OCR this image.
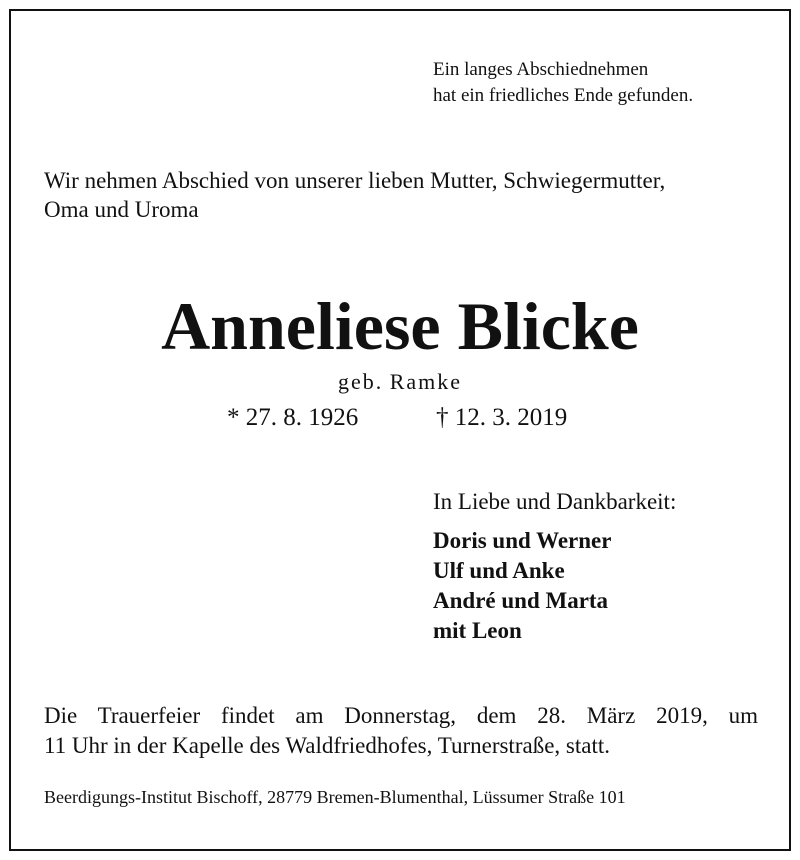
Ein langes Abschiednehmen
hat ein friedliches Ende gefunden.
Wir nehmen Abschied von unserer lieben Mutter, Schwiegermutter,
Oma und Uroma
Anneliese Blicke
geb. Ramke
* 27. 8. 1926	† 12. 3. 2019
In Liebe und Dankbarkeit:
Doris und Werner
Ulf und Anke
André und Marta
mit Leon
Die Trauerfeier findet am Donnerstag, dem 28. März 2019, um
11 Uhr in der Kapelle des Waldfriedhofes, Turnerstraße, statt.
Beerdigungs-Institut Bischoff, 28779 Bremen-Blumenthal, Lüssumer Straße 101
